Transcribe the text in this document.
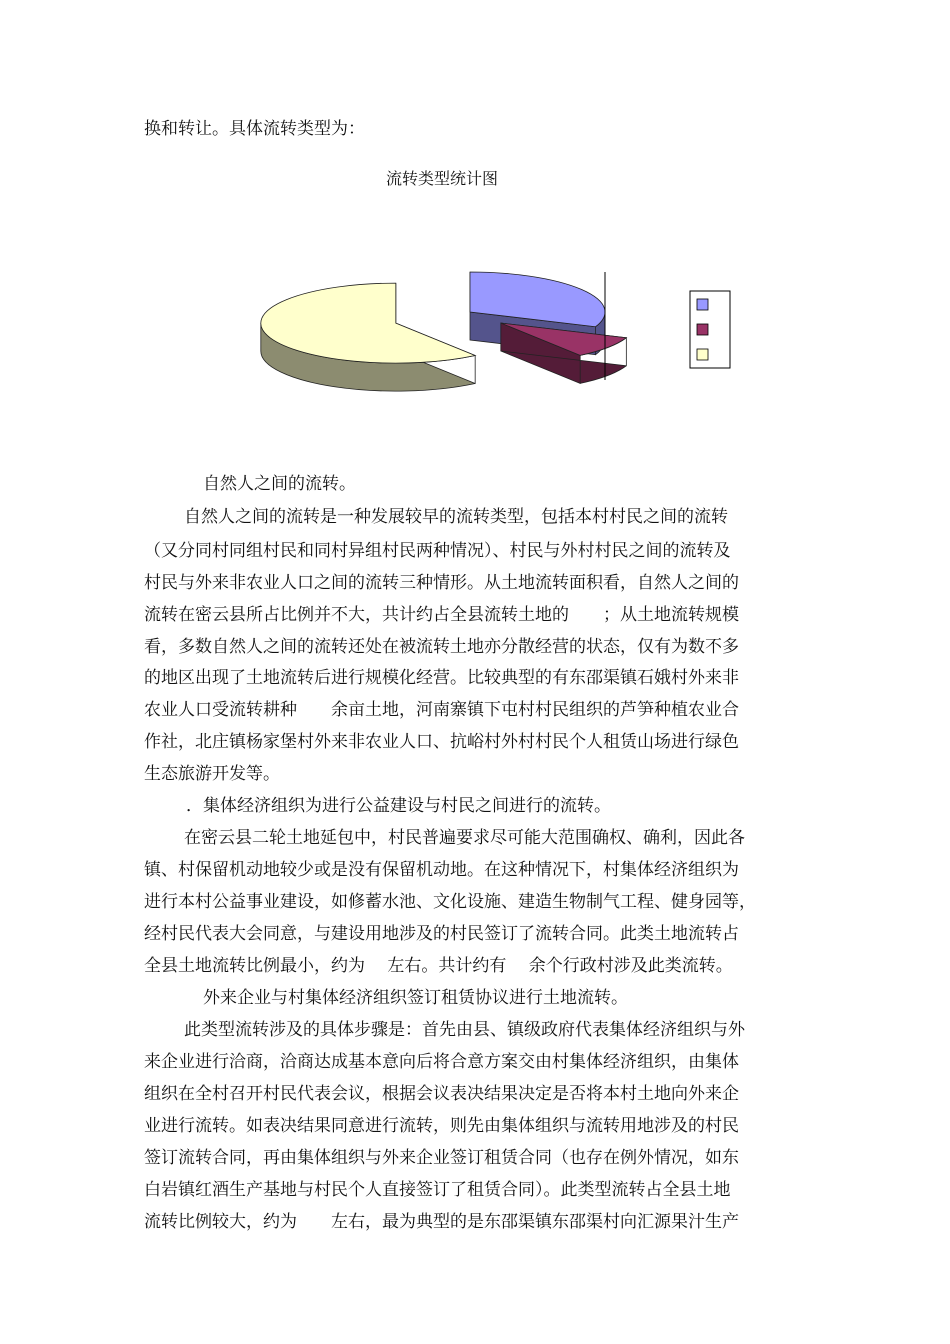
换和转让。具体流转类型为：
流转类型统计图
自然人之间的流转。
自然人之间的流转是一种发展较早的流转类型，包括本村村民之间的流转
（又分同村同组村民和同村异组村民两种情况）、村民与外村村民之间的流转及
村民与外来非农业人口之间的流转三种情形。从土地流转面积看，自然人之间的
流转在密云县所占比例并不大，共计约占全县流转土地的　　；从土地流转规模
看，多数自然人之间的流转还处在被流转土地亦分散经营的状态，仅有为数不多
的地区出现了土地流转后进行规模化经营。比较典型的有东邵渠镇石娥村外来非
农业人口受流转耕种　　余亩土地，河南寨镇下屯村村民组织的芦笋种植农业合
作社，北庄镇杨家堡村外来非农业人口、抗峪村外村村民个人租赁山场进行绿色
生态旅游开发等。
．集体经济组织为进行公益建设与村民之间进行的流转。
在密云县二轮土地延包中，村民普遍要求尽可能大范围确权、确利，因此各
镇、村保留机动地较少或是没有保留机动地。在这种情况下，村集体经济组织为
进行本村公益事业建设，如修蓄水池、文化设施、建造生物制气工程、健身园等，
经村民代表大会同意，与建设用地涉及的村民签订了流转合同。此类土地流转占
全县土地流转比例最小，约为　 左右。共计约有　 余个行政村涉及此类流转。
外来企业与村集体经济组织签订租赁协议进行土地流转。
此类型流转涉及的具体步骤是：首先由县、镇级政府代表集体经济组织与外
来企业进行洽商，洽商达成基本意向后将合意方案交由村集体经济组织，由集体
组织在全村召开村民代表会议，根据会议表决结果决定是否将本村土地向外来企
业进行流转。如表决结果同意进行流转，则先由集体组织与流转用地涉及的村民
签订流转合同，再由集体组织与外来企业签订租赁合同（也存在例外情况，如东
白岩镇红酒生产基地与村民个人直接签订了租赁合同）。此类型流转占全县土地
流转比例较大，约为　　左右，最为典型的是东邵渠镇东邵渠村向汇源果汁生产
